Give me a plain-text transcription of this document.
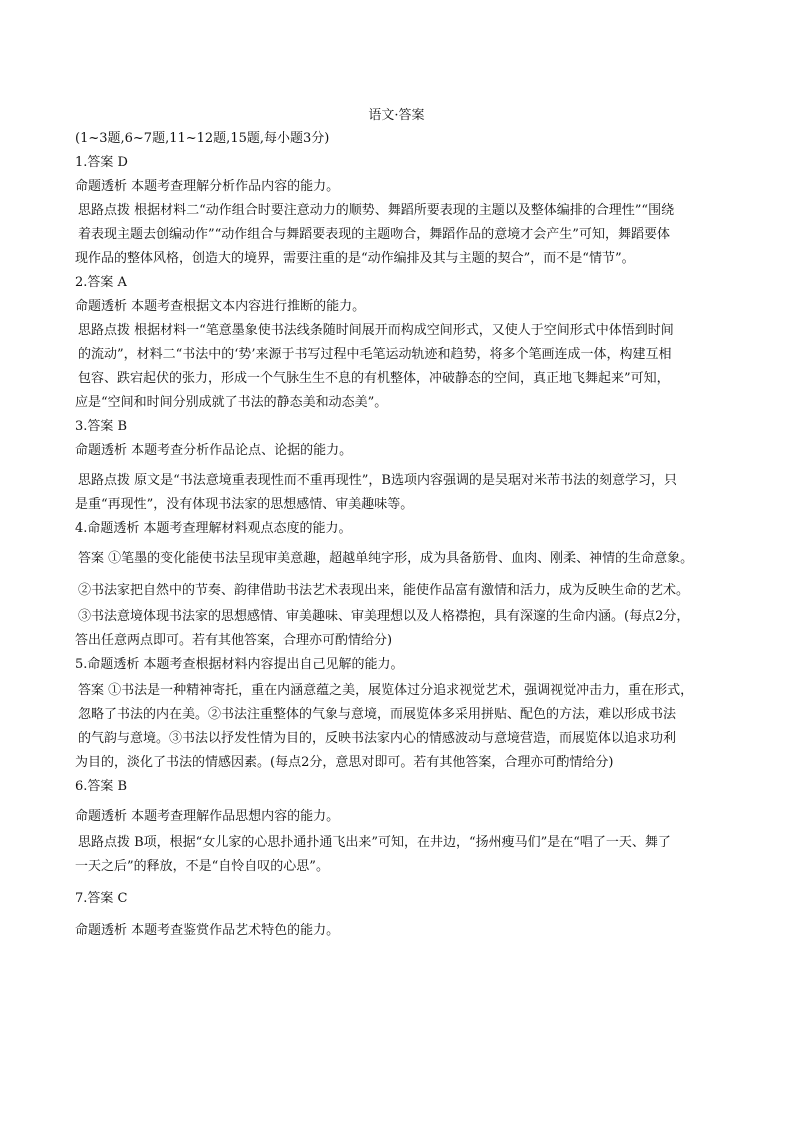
语文·答案

(1~3题,6~7题,11~12题,15题,每小题3分)

1.答案 D

命题透析 本题考查理解分析作品内容的能力。

思路点拨 根据材料二“动作组合时要注意动力的顺势、舞蹈所要表现的主题以及整体编排的合理性”“围绕

着表现主题去创编动作”“动作组合与舞蹈要表现的主题吻合，舞蹈作品的意境才会产生”可知，舞蹈要体

现作品的整体风格，创造大的境界，需要注重的是“动作编排及其与主题的契合”，而不是“情节”。

2.答案 A

命题透析 本题考查根据文本内容进行推断的能力。

思路点拨 根据材料一“笔意墨象使书法线条随时间展开而构成空间形式，又使人于空间形式中体悟到时间

的流动”，材料二“书法中的‘势’来源于书写过程中毛笔运动轨迹和趋势，将多个笔画连成一体，构建互相

包容、跌宕起伏的张力，形成一个气脉生生不息的有机整体，冲破静态的空间，真正地飞舞起来”可知，

应是“空间和时间分别成就了书法的静态美和动态美”。

3.答案 B

命题透析 本题考查分析作品论点、论据的能力。

思路点拨 原文是“书法意境重表现性而不重再现性”，B选项内容强调的是吴琚对米芾书法的刻意学习，只

是重“再现性”，没有体现书法家的思想感情、审美趣味等。

4.命题透析 本题考查理解材料观点态度的能力。

答案 ①笔墨的变化能使书法呈现审美意趣，超越单纯字形，成为具备筋骨、血肉、刚柔、神情的生命意象。

②书法家把自然中的节奏、韵律借助书法艺术表现出来，能使作品富有激情和活力，成为反映生命的艺术。

③书法意境体现书法家的思想感情、审美趣味、审美理想以及人格襟抱，具有深邃的生命内涵。(每点2分，

答出任意两点即可。若有其他答案，合理亦可酌情给分)

5.命题透析 本题考查根据材料内容提出自己见解的能力。

答案 ①书法是一种精神寄托，重在内涵意蕴之美，展览体过分追求视觉艺术，强调视觉冲击力，重在形式，

忽略了书法的内在美。②书法注重整体的气象与意境，而展览体多采用拼贴、配色的方法，难以形成书法

的气韵与意境。③书法以抒发性情为目的，反映书法家内心的情感波动与意境营造，而展览体以追求功利

为目的，淡化了书法的情感因素。(每点2分，意思对即可。若有其他答案，合理亦可酌情给分)

6.答案 B

命题透析 本题考查理解作品思想内容的能力。

思路点拨 B项，根据“女儿家的心思扑通扑通飞出来”可知，在井边，“扬州瘦马们”是在“唱了一天、舞了

一天之后”的释放，不是“自怜自叹的心思”。

7.答案 C

命题透析 本题考查鉴赏作品艺术特色的能力。
